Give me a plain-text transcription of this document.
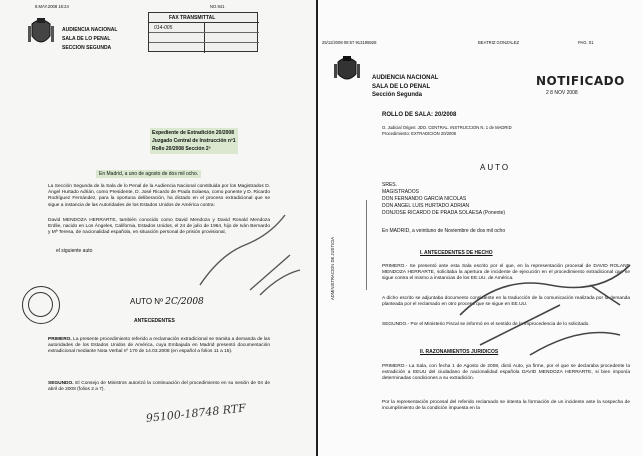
8.MAY.2008 16:24	NO.941
FAX TRANSMITTAL
014-005
AUDIENCIA NACIONAL
SALA DE LO PENAL
SECCION SEGUNDA
Expediente de Extradición 20/2008
Juzgado Central de Instrucción nº1
Rollo 20/2008 Sección 2ª
En Madrid, a uno de agosto de dos mil ocho.
La Sección Segunda de la Sala de lo Penal de la Audiencia Nacional constituida por los Magistrados D. Ángel Hurtado Adrián, como Presidente, D. José Ricardo de Prada Solaesa, como ponente y D. Ricardo Rodríguez Fernández, para la oportuna deliberación, ha dictado en el proceso extradicional que se sigue a instancia de las Autoridades de los Estados Unidos de América contra:
David MENDOZA HERRARTE, también conocido como David Mendoza y David Ronald Mendoza Erdlie, nacido en Los Ángeles, California, Estados Unidos, el 24 de julio de 1964, hijo de Iván Bernardo y Mª Teresa, de nacionalidad española, en situación personal de prisión provisional,
el siguiente auto
AUTO Nº 2C/2008
ANTECEDENTES
PRIMERO. La presente procedimiento referido a reclamación extradicional se tramita a demanda de las autoridades de los Estados Unidos de América, cuya Embajada en Madrid presentó documentación extradicional mediante Nota Verbal nº 170 de 14.03.2008 (en español a folios 11 a 15).
SEGUNDO. El Consejo de Ministros autorizó la continuación del procedimiento en su sesión de 04 de abril de 2008 (folios 2 a 7).
95100-18748 RTF
25/11/2008 08:57 913195928	BEATRIZ GONZALEZ	PAG. 01
AUDIENCIA NACIONAL
SALA DE LO PENAL
Sección Segunda
NOTIFICADO
2 8 NOV 2008
ROLLO DE SALA: 20/2008
O. Judicial Origen: JDO. CENTRAL. INSTRUCCION N. 1 de MADRID
Procedimiento: EXTRADICION 20/2008
AUTO
SRES.
MAGISTRADOS
DON FERNANDO GARCIA NICOLAS
DON ANGEL LUIS HURTADO ADRIAN
DONJOSE RICARDO DE PRADA SOLAESA (Ponente)
En MADRID, a veintiuno de Noviembre de dos mil ocho
I. ANTECEDENTES DE HECHO
PRIMERO.- Se presentó ante esta Sala escrito por el que, en la representación procesal de DAVID ROLAND MENDOZA HERRARTE, solicitaba la apertura de incidente de ejecución en el procedimiento extradicional que se sigue contra el mismo a instancias de los EE.UU. de América.
A dicho escrito se adjuntaba documento consistente en la traducción de la comunicación realizada por la demanda planteada por el reclamado en otro proceso que se sigue en EE.UU.
SEGUNDO.- Por el Ministerio Fiscal se informó en el sentido de la improcedencia de lo solicitado.
II. RAZONAMIENTOS JURIDICOS
PRIMERO.- La Sala, con fecha 1 de Agosto de 2008, dictó Auto, ya firme, por el que se declaraba procedente la extradición a EEUU del ciudadano de nacionalidad española DAVID MENDOZA HERRARTE, si bien imponía determinadas condiciones a su extradición.
Por la representación procesal del referido reclamado se intenta la formación de un incidente ante la sospecha de incumplimiento de la condición impuesta en la
ADMINISTRACION DE JUSTICIA
